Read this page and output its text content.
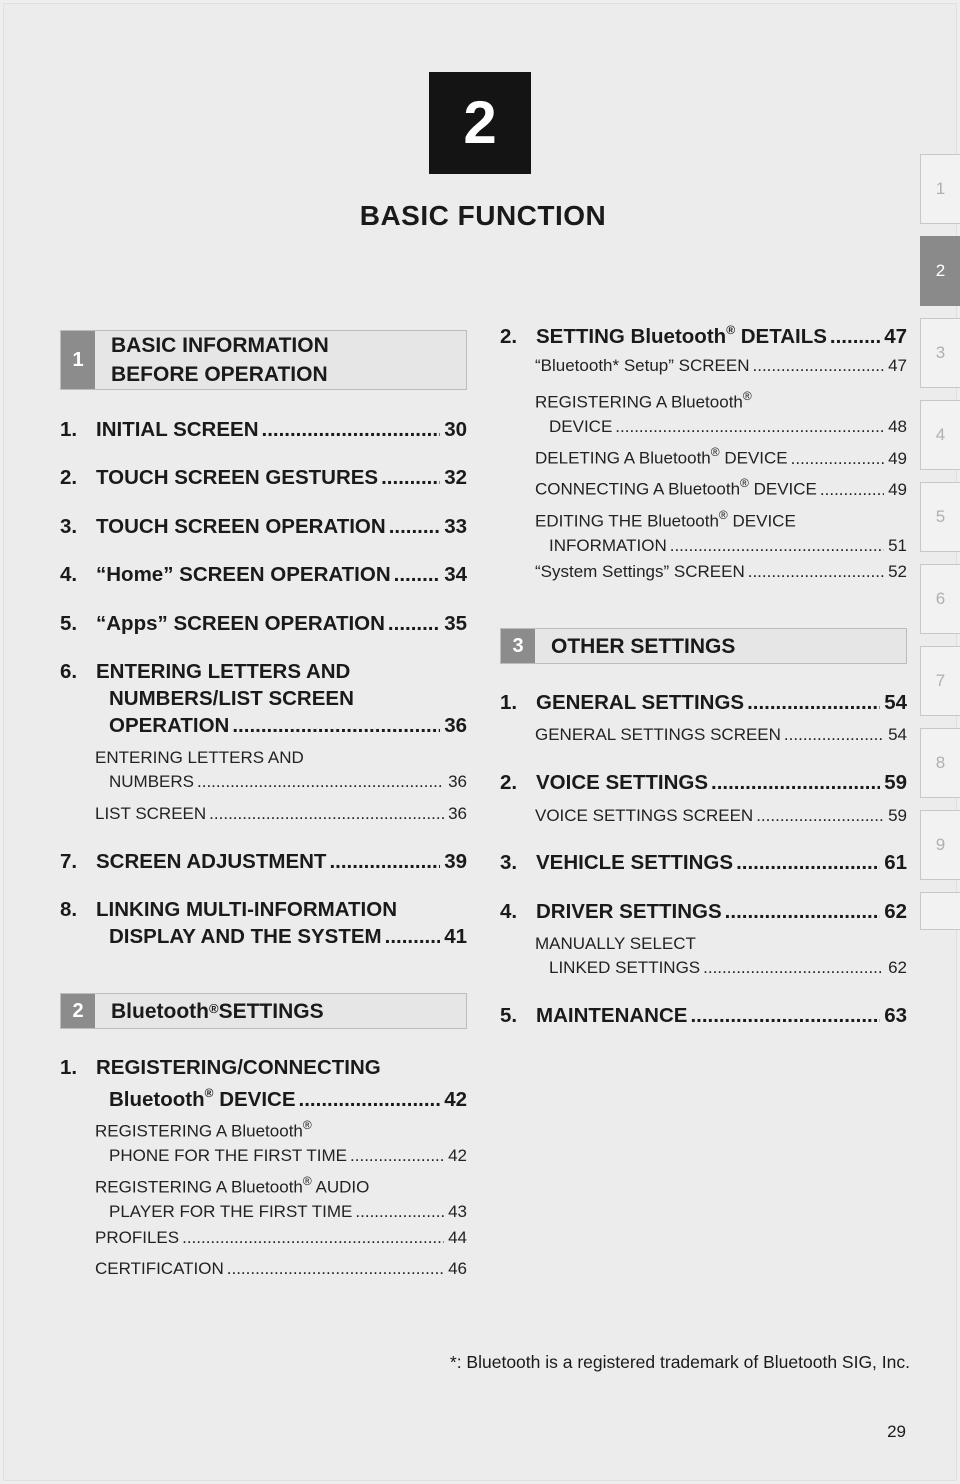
2
BASIC FUNCTION
1
2
3
4
5
6
7
8
9
1
BASIC INFORMATION
BEFORE OPERATION
1. INITIAL SCREEN .....	30
2. TOUCH SCREEN GESTURES .....	32
3. TOUCH SCREEN OPERATION .....	33
4. “Home” SCREEN OPERATION .....	34
5. “Apps” SCREEN OPERATION .....	35
6. ENTERING LETTERS AND
NUMBERS/LIST SCREEN
OPERATION .....	36
ENTERING LETTERS AND
NUMBERS .....	36
LIST SCREEN .....	36
7. SCREEN ADJUSTMENT .....	39
8. LINKING MULTI-INFORMATION
DISPLAY AND THE SYSTEM .....	41
2	Bluetooth® SETTINGS
1. REGISTERING/CONNECTING
Bluetooth® DEVICE .....	42
REGISTERING A Bluetooth®
PHONE FOR THE FIRST TIME .....	42
REGISTERING A Bluetooth® AUDIO
PLAYER FOR THE FIRST TIME .....	43
PROFILES .....	44
CERTIFICATION .....	46
2. SETTING Bluetooth® DETAILS .....	47
“Bluetooth* Setup” SCREEN .....	47
REGISTERING A Bluetooth®
DEVICE .....	48
DELETING A Bluetooth® DEVICE .....	49
CONNECTING A Bluetooth® DEVICE .....	49
EDITING THE Bluetooth® DEVICE
INFORMATION .....	51
“System Settings” SCREEN .....	52
3	OTHER SETTINGS
1. GENERAL SETTINGS .....	54
GENERAL SETTINGS SCREEN .....	54
2. VOICE SETTINGS .....	59
VOICE SETTINGS SCREEN .....	59
3. VEHICLE SETTINGS .....	61
4. DRIVER SETTINGS .....	62
MANUALLY SELECT
LINKED SETTINGS .....	62
5. MAINTENANCE .....	63
*: Bluetooth is a registered trademark of Bluetooth SIG, Inc.
29
